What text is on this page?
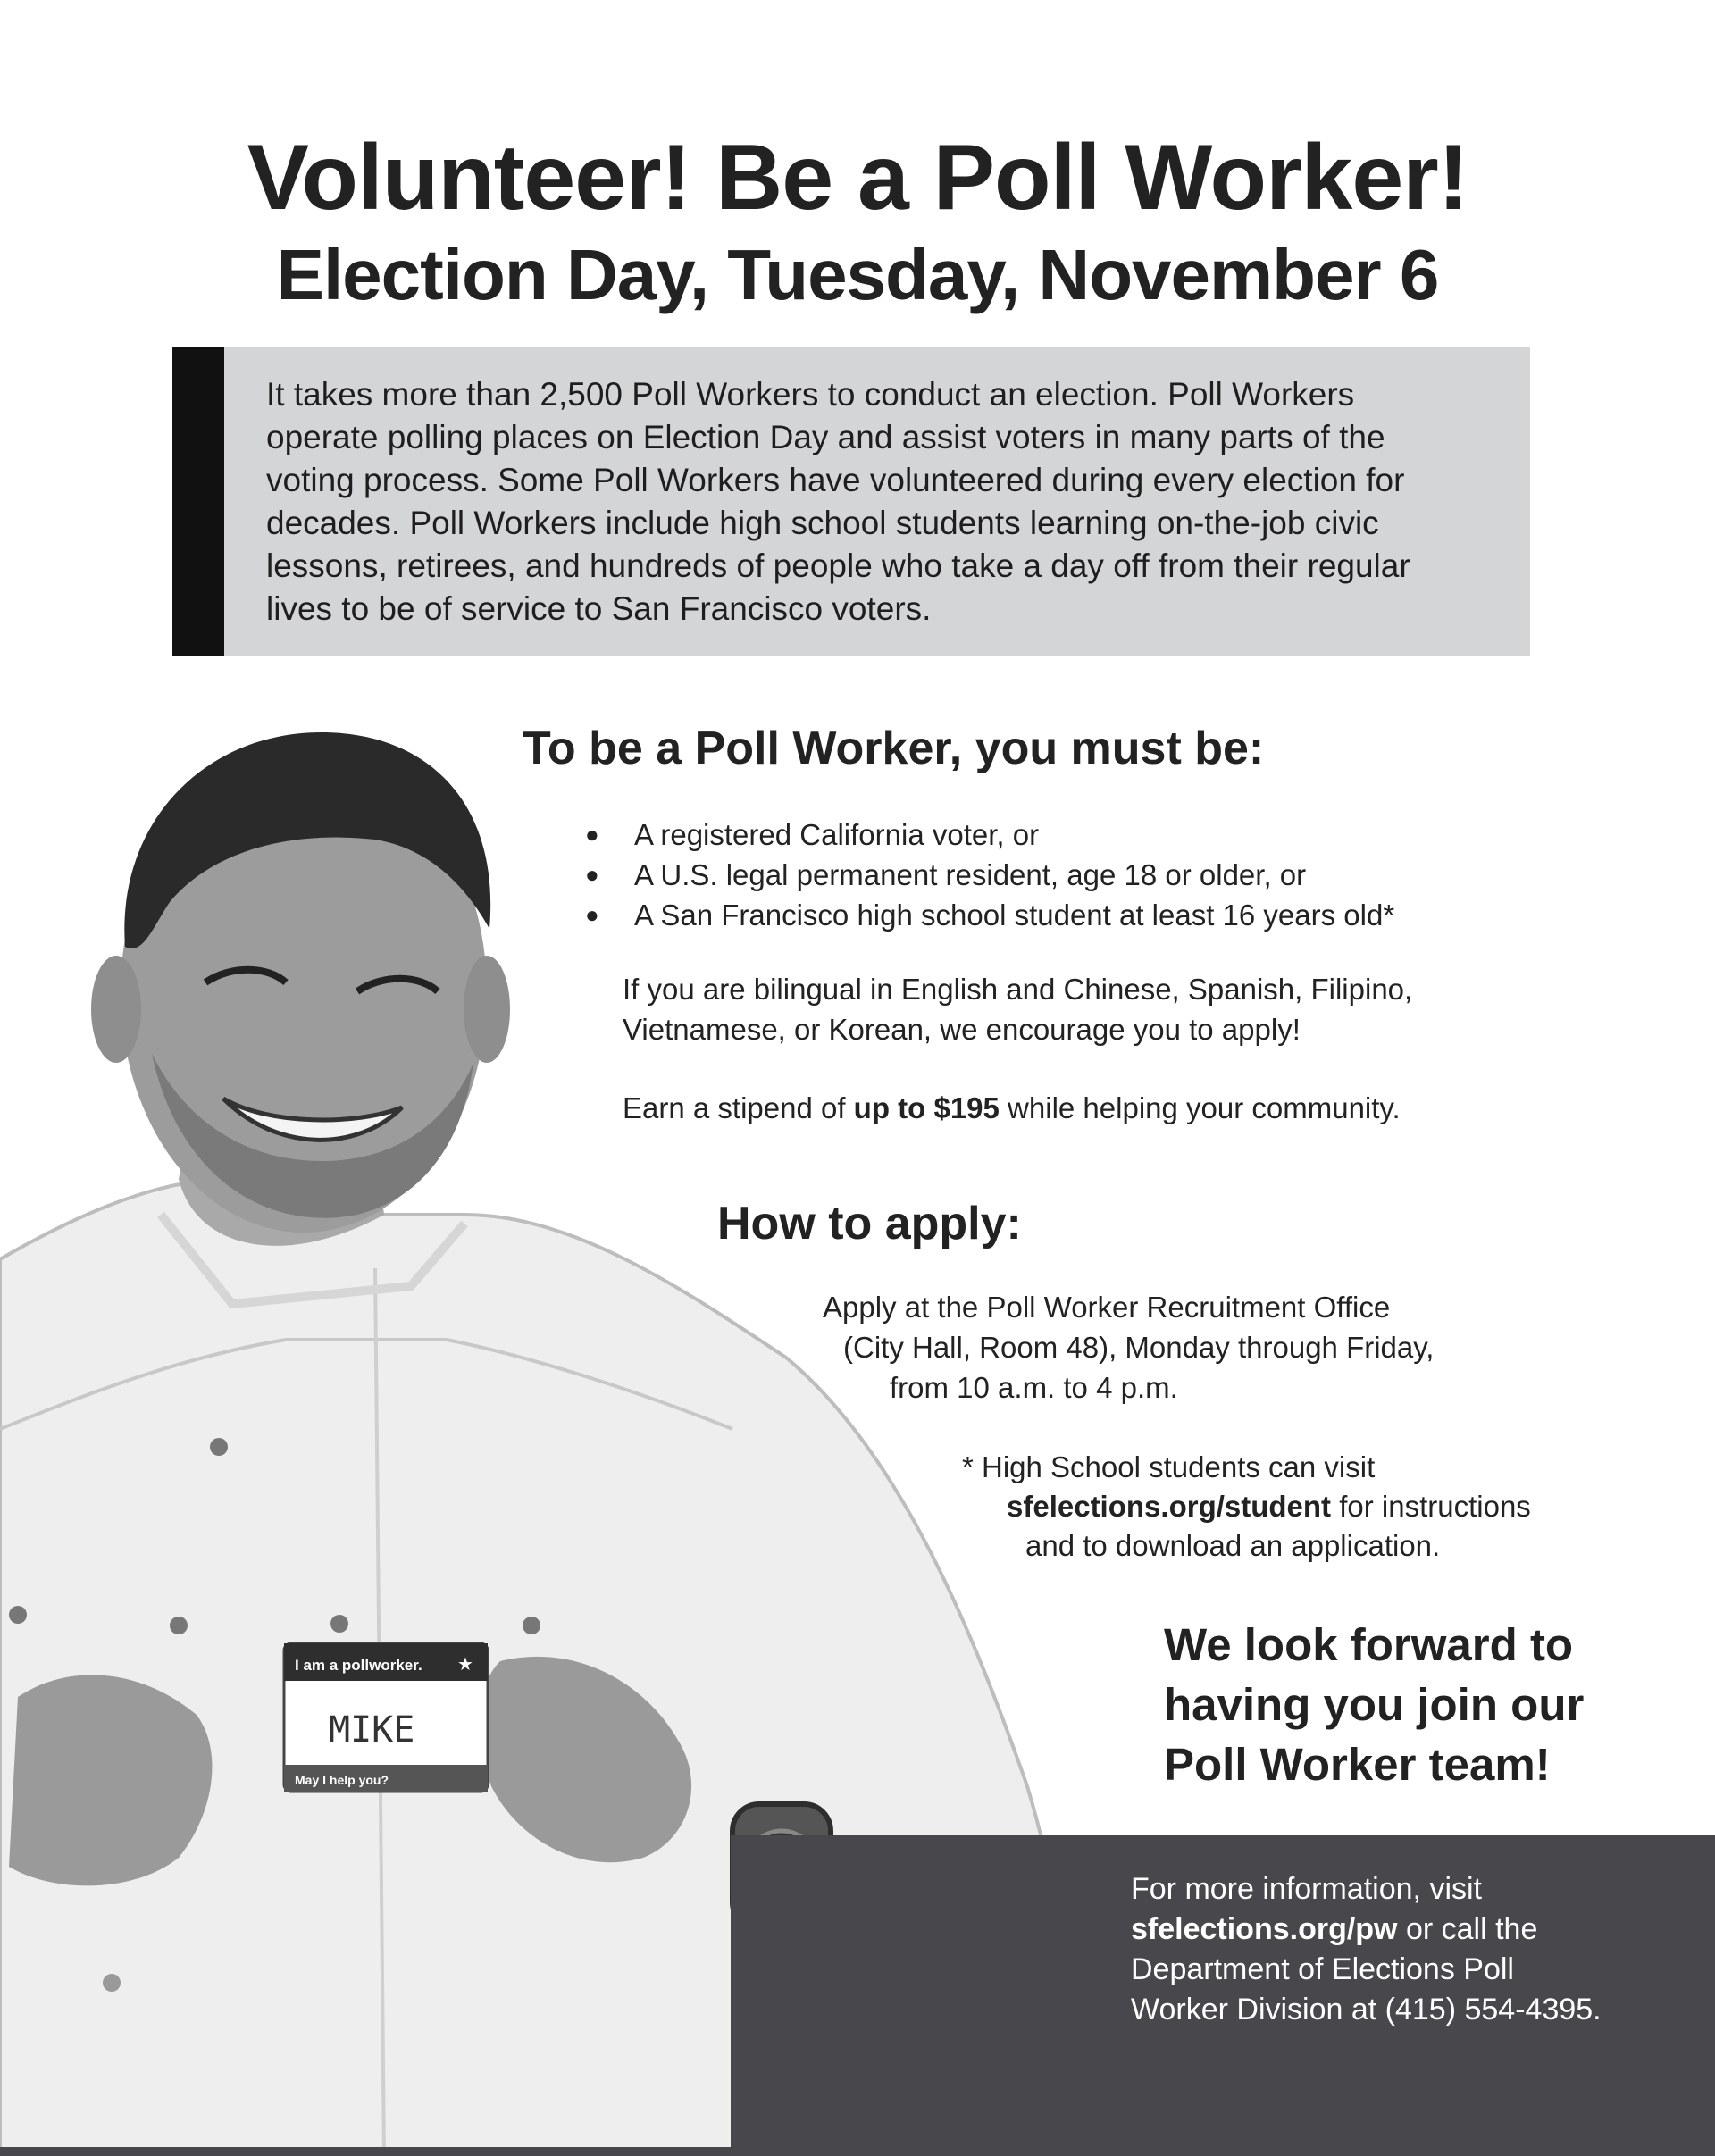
Volunteer! Be a Poll Worker!
Election Day, Tuesday, November 6
It takes more than 2,500 Poll Workers to conduct an election. Poll Workers
operate polling places on Election Day and assist voters in many parts of the
voting process. Some Poll Workers have volunteered during every election for
decades. Poll Workers include high school students learning on-the-job civic
lessons, retirees, and hundreds of people who take a day off from their regular
lives to be of service to San Francisco voters.
I am a pollworker.
MIKE
May I help you?
★
To be a Poll Worker, you must be:
● A registered California voter, or
● A U.S. legal permanent resident, age 18 or older, or
● A San Francisco high school student at least 16 years old*
If you are bilingual in English and Chinese, Spanish, Filipino,
Vietnamese, or Korean, we encourage you to apply!
Earn a stipend of up to $195 while helping your community.
How to apply:
Apply at the Poll Worker Recruitment Office
(City Hall, Room 48), Monday through Friday,
from 10 a.m. to 4 p.m.
* High School students can visit
sfelections.org/student for instructions
and to download an application.
We look forward to
having you join our
Poll Worker team!
For more information, visit
sfelections.org/pw or call the
Department of Elections Poll
Worker Division at (415) 554-4395.
